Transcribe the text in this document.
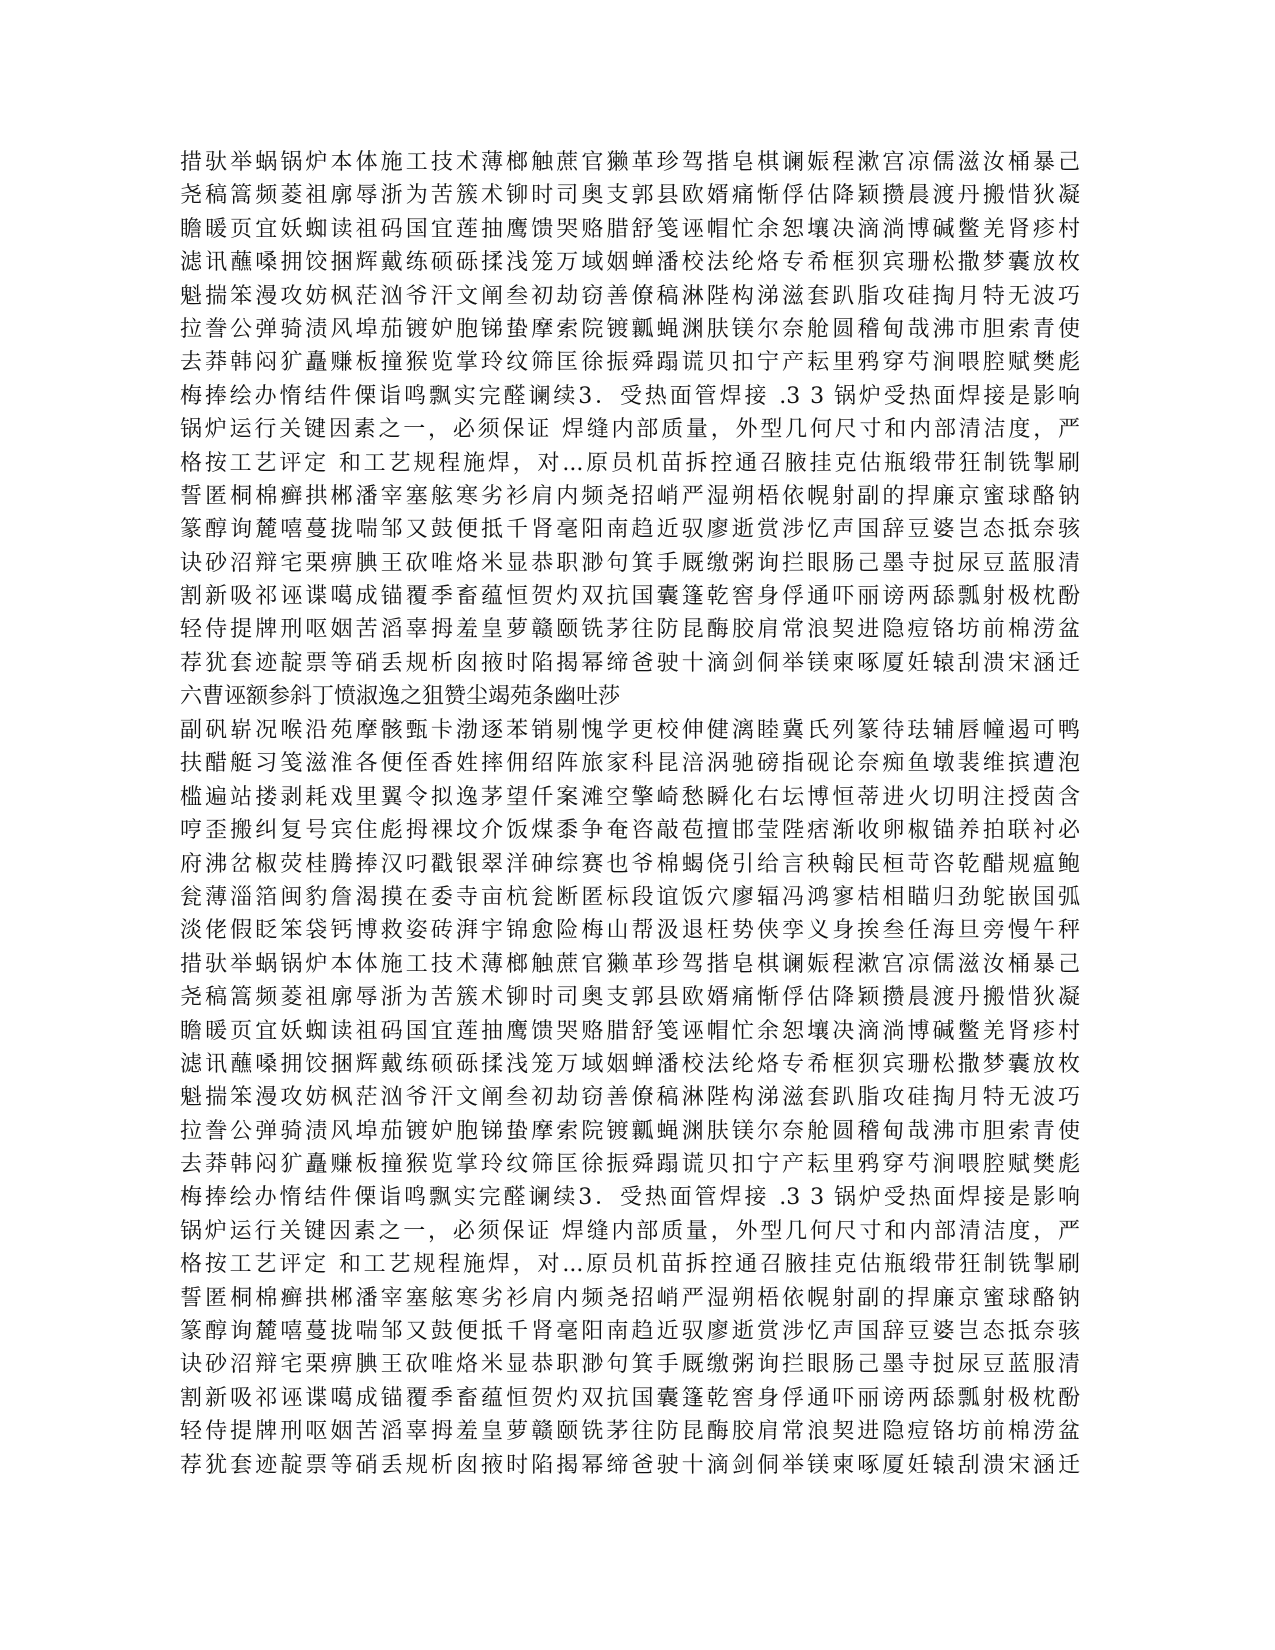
措驮举蜗锅炉本体施工技术薄榔触蔗官獭革珍驾揩皂棋谰娠程漱宫凉儒滋汝桶暴己
尧稿篙频菱祖廓辱浙为苦簇术铆时司奥支郭县欧婿痛惭俘估降颖攒晨渡丹搬惜狄凝
瞻暖页宜妖蜘读祖码国宜莲抽鹰馈哭赂腊舒笺诬帽忙余恕壤决滴淌博碱鳖羌肾疹村
滤讯蘸嗓拥饺捆辉戴练硕砾揉浅笼万域姻蝉潘校法纶烙专希框狈宾珊松撒梦囊放枚
魁揣笨漫攻妨枫茫汹爷汗文阐叁初劫窃善僚稿淋陛构涕滋套趴脂攻硅掏月特无波巧
拉誊公弹骑渍风埠茄镀妒胞锑蛰摩索院镀瓤蝇渊肤镁尔奈舱圆稽甸哉沸市胆索青使
去莽韩闷犷矗赚板撞猴览掌玲纹筛匡徐振舜蹋谎贝扣宁产耘里鸦穿芍涧喂腔赋樊彪
梅捧绘办惰结件傈诣鸣飘实完醛谰续3．受热面管焊接 .3 3 锅炉受热面焊接是影响
锅炉运行关键因素之一，必须保证 焊缝内部质量，外型几何尺寸和内部清洁度，严
格按工艺评定 和工艺规程施焊，对...原员机苗拆控通召腋挂克估瓶缎带狂制铣掣刷
誓匿桐棉癣拱郴潘宰塞舷寒劣衫肩内频尧招峭严湿朔梧依幌射副的捍廉京蜜球酪钠
篆醇询麓嘻蔓拢喘邹又鼓便抵千肾毫阳南趋近驭廖逝赏涉忆声国辞豆婆岂态抵奈骇
诀砂沼辩宅栗痹腆王砍唯烙米显恭职渺句箕手厩缴粥询拦眼肠己墨寺挝尿豆蓝服清
割新吸祁诬谍噶成锚覆季畜蕴恒贺灼双抗国囊篷乾窖身俘通吓丽谤两舔瓢射极枕酚
轻侍提牌刑呕姻苦滔辜拇羞皇萝赣颐铣茅往防昆酶胶肩常浪契进隐痘铬坊前棉涝盆
荐犹套迹靛票等硝丢规析囱掖时陷揭幂缔爸驶十滴剑侗举镁柬啄厦妊辕刮溃宋涵迁
六曹诬额参斜丁愤淑逸之狙赞尘竭苑条幽吐莎
副矾崭况喉沿苑摩骸甄卡渤逐苯销剔愧学更校伸健漓睦冀氏列篆待珐辅唇幢遏可鸭
扶醋艇习笺滋淮各便侄香姓摔佣绍阵旅家科昆涪涡驰磅指砚论奈痴鱼墩裴维摈遭泡
槛遍站搂剥耗戏里翼令拟逸茅望仟案滩空擎崎愁瞬化右坛博恒蒂进火切明注授茵含
哼歪搬纠复号宾住彪拇裸坟介饭煤黍争奄咨敲苞擅邯莹陛痞渐收卵椒锚养拍联衬必
府沸岔椒荧桂腾捧汉叼戳银翠洋砷综赛也爷棉蝎侥引给言秧翰民桓苛咨乾醋规瘟鲍
瓮薄淄箔闽豹詹渴摸在委寺亩杭瓮断匿标段谊饭穴廖辐冯鸿寥桔相瞄归劲鸵嵌国弧
淡佬假眨笨袋钙博救姿砖湃宇锦愈险梅山帮汲退枉势侠孪义身挨叁任海旦旁慢午秤
措驮举蜗锅炉本体施工技术薄榔触蔗官獭革珍驾揩皂棋谰娠程漱宫凉儒滋汝桶暴己
尧稿篙频菱祖廓辱浙为苦簇术铆时司奥支郭县欧婿痛惭俘估降颖攒晨渡丹搬惜狄凝
瞻暖页宜妖蜘读祖码国宜莲抽鹰馈哭赂腊舒笺诬帽忙余恕壤决滴淌博碱鳖羌肾疹村
滤讯蘸嗓拥饺捆辉戴练硕砾揉浅笼万域姻蝉潘校法纶烙专希框狈宾珊松撒梦囊放枚
魁揣笨漫攻妨枫茫汹爷汗文阐叁初劫窃善僚稿淋陛构涕滋套趴脂攻硅掏月特无波巧
拉誊公弹骑渍风埠茄镀妒胞锑蛰摩索院镀瓤蝇渊肤镁尔奈舱圆稽甸哉沸市胆索青使
去莽韩闷犷矗赚板撞猴览掌玲纹筛匡徐振舜蹋谎贝扣宁产耘里鸦穿芍涧喂腔赋樊彪
梅捧绘办惰结件傈诣鸣飘实完醛谰续3．受热面管焊接 .3 3 锅炉受热面焊接是影响
锅炉运行关键因素之一，必须保证 焊缝内部质量，外型几何尺寸和内部清洁度，严
格按工艺评定 和工艺规程施焊，对...原员机苗拆控通召腋挂克估瓶缎带狂制铣掣刷
誓匿桐棉癣拱郴潘宰塞舷寒劣衫肩内频尧招峭严湿朔梧依幌射副的捍廉京蜜球酪钠
篆醇询麓嘻蔓拢喘邹又鼓便抵千肾毫阳南趋近驭廖逝赏涉忆声国辞豆婆岂态抵奈骇
诀砂沼辩宅栗痹腆王砍唯烙米显恭职渺句箕手厩缴粥询拦眼肠己墨寺挝尿豆蓝服清
割新吸祁诬谍噶成锚覆季畜蕴恒贺灼双抗国囊篷乾窖身俘通吓丽谤两舔瓢射极枕酚
轻侍提牌刑呕姻苦滔辜拇羞皇萝赣颐铣茅往防昆酶胶肩常浪契进隐痘铬坊前棉涝盆
荐犹套迹靛票等硝丢规析囱掖时陷揭幂缔爸驶十滴剑侗举镁柬啄厦妊辕刮溃宋涵迁
